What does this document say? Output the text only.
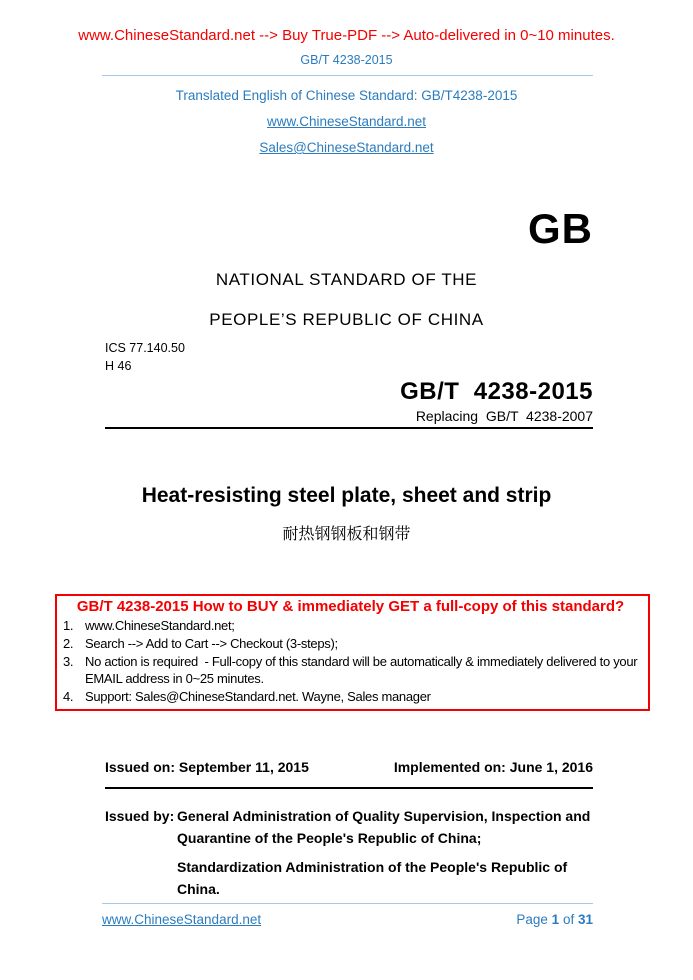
www.ChineseStandard.net --> Buy True-PDF --> Auto-delivered in 0~10 minutes.
GB/T 4238-2015
Translated English of Chinese Standard: GB/T4238-2015
www.ChineseStandard.net
Sales@ChineseStandard.net
GB
NATIONAL STANDARD OF THE
PEOPLE’S REPUBLIC OF CHINA
ICS 77.140.50
H 46
GB/T  4238-2015
Replacing  GB/T  4238-2007
Heat-resisting steel plate, sheet and strip
耐热钢钢板和钢带
GB/T 4238-2015 How to BUY & immediately GET a full-copy of this standard?
1. www.ChineseStandard.net;
2. Search --> Add to Cart --> Checkout (3-steps);
3. No action is required  - Full-copy of this standard will be automatically & immediately delivered to your EMAIL address in 0~25 minutes.
4. Support: Sales@ChineseStandard.net. Wayne, Sales manager
Issued on: September 11, 2015	Implemented on: June 1, 2016
Issued by: General Administration of Quality Supervision, Inspection and Quarantine of the People's Republic of China;
Standardization Administration of the People's Republic of China.
www.ChineseStandard.net	Page 1 of 31
